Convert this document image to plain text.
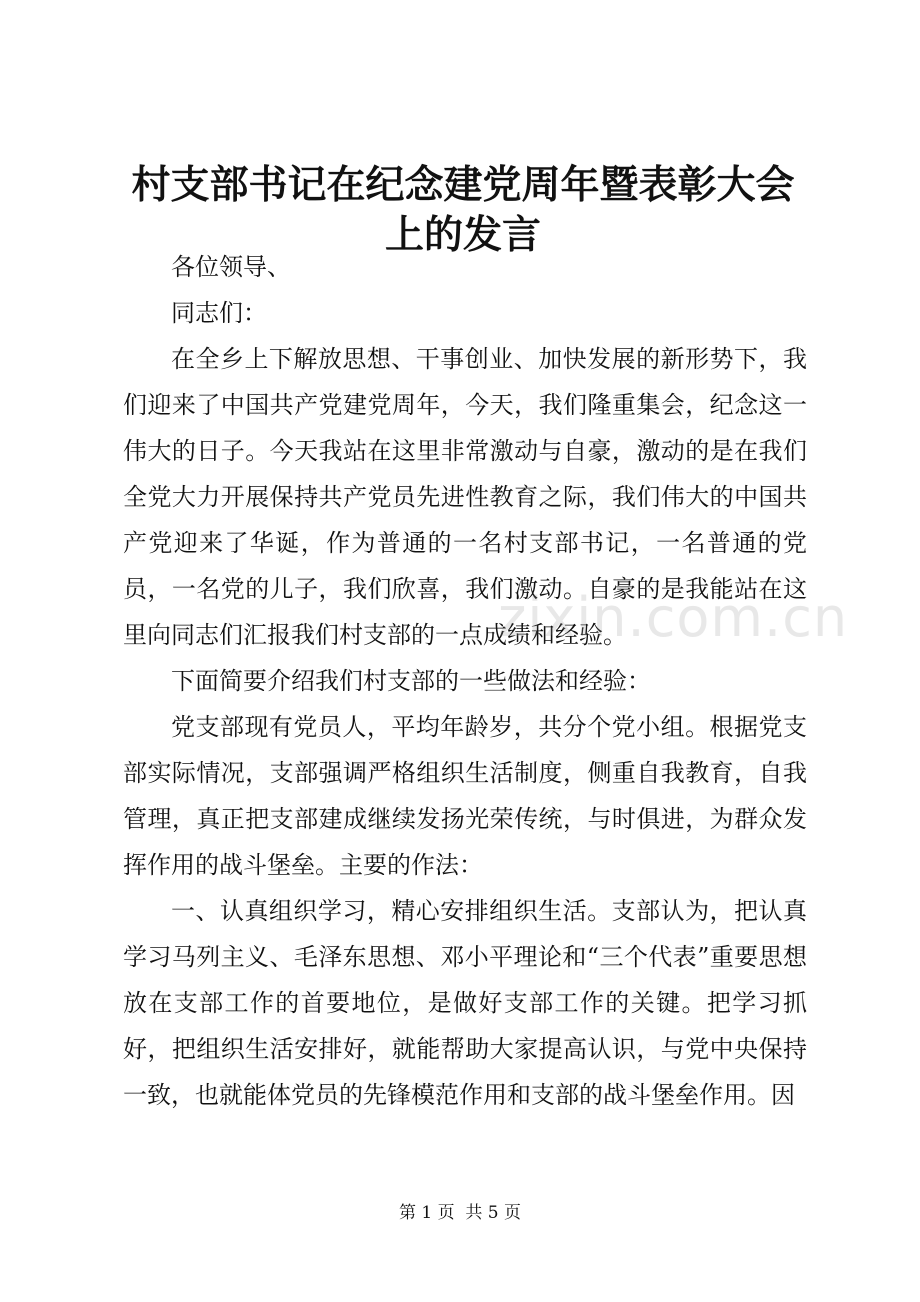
村支部书记在纪念建党周年暨表彰大会上的发言

各位领导、

同志们：

在全乡上下解放思想、干事创业、加快发展的新形势下，我们迎来了中国共产党建党周年，今天，我们隆重集会，纪念这一伟大的日子。今天我站在这里非常激动与自豪，激动的是在我们全党大力开展保持共产党员先进性教育之际，我们伟大的中国共产党迎来了华诞，作为普通的一名村支部书记，一名普通的党员，一名党的儿子，我们欣喜，我们激动。自豪的是我能站在这里向同志们汇报我们村支部的一点成绩和经验。

下面简要介绍我们村支部的一些做法和经验：

党支部现有党员人，平均年龄岁，共分个党小组。根据党支部实际情况，支部强调严格组织生活制度，侧重自我教育，自我管理，真正把支部建成继续发扬光荣传统，与时俱进，为群众发挥作用的战斗堡垒。主要的作法：

一、认真组织学习，精心安排组织生活。支部认为，把认真学习马列主义、毛泽东思想、邓小平理论和“三个代表”重要思想放在支部工作的首要地位，是做好支部工作的关键。把学习抓好，把组织生活安排好，就能帮助大家提高认识，与党中央保持一致，也就能体党员的先锋模范作用和支部的战斗堡垒作用。因

zixin.com.cn
第 1 页 共 5 页
